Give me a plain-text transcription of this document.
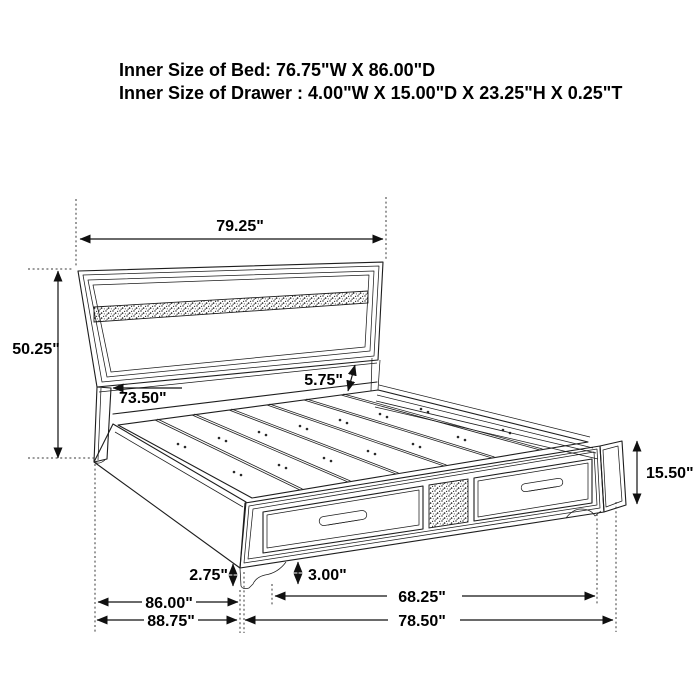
Inner Size of Bed: 76.75"W X 86.00"D
Inner Size of Drawer : 4.00"W X 15.00"D X 23.25"H X 0.25"T
79.25"
50.25"
73.50"
5.75"
15.50"
2.75"	3.00"
86.00"
88.75"
68.25"
78.50"
